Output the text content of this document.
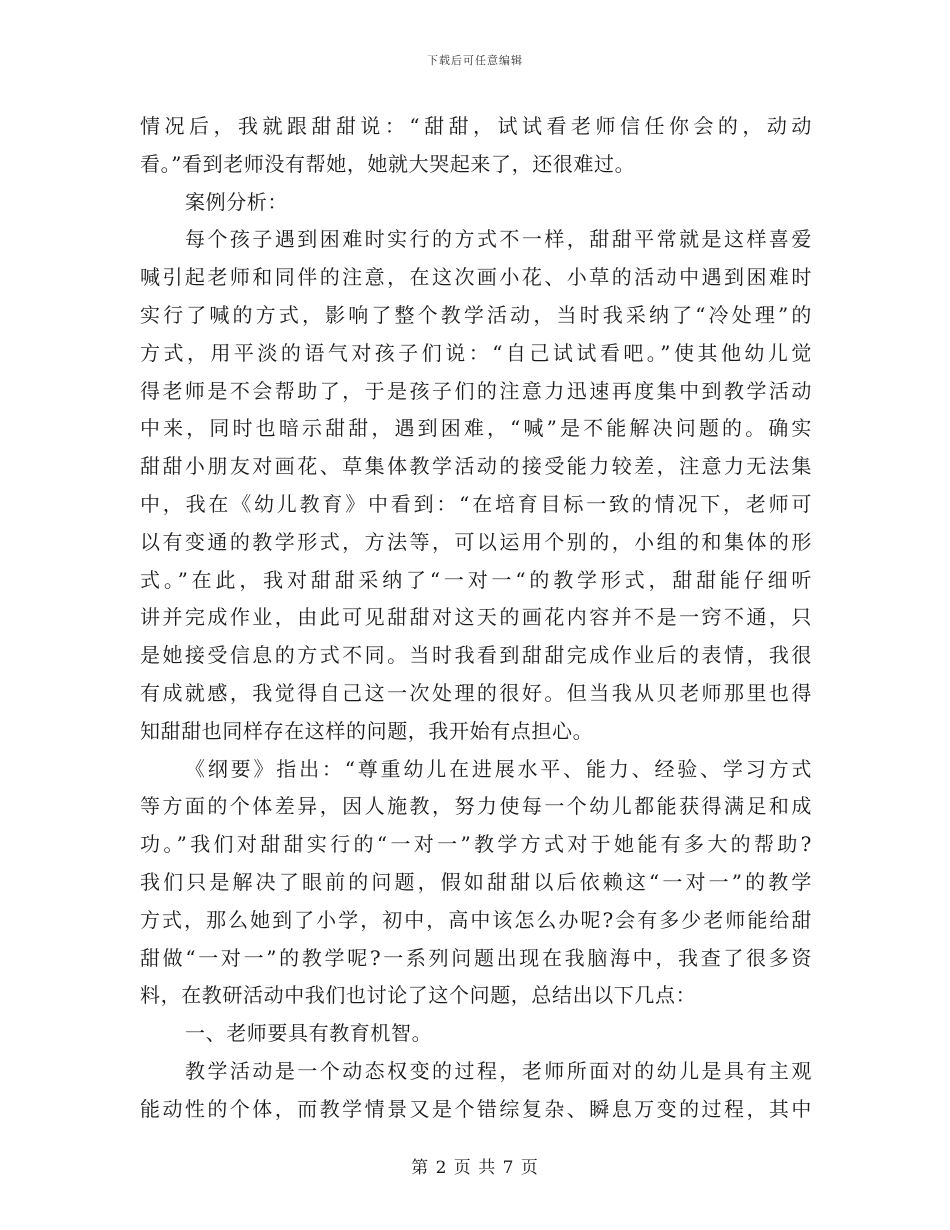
下载后可任意编辑
情况后，我就跟甜甜说：“甜甜，试试看老师信任你会的，动动
看。”看到老师没有帮她，她就大哭起来了，还很难过。
案例分析：
每个孩子遇到困难时实行的方式不一样，甜甜平常就是这样喜爱
喊引起老师和同伴的注意，在这次画小花、小草的活动中遇到困难时
实行了喊的方式，影响了整个教学活动，当时我采纳了“冷处理”的
方式，用平淡的语气对孩子们说：“自己试试看吧。”使其他幼儿觉
得老师是不会帮助了，于是孩子们的注意力迅速再度集中到教学活动
中来，同时也暗示甜甜，遇到困难，“喊”是不能解决问题的。确实
甜甜小朋友对画花、草集体教学活动的接受能力较差，注意力无法集
中，我在《幼儿教育》中看到：“在培育目标一致的情况下，老师可
以有变通的教学形式，方法等，可以运用个别的，小组的和集体的形
式。”在此，我对甜甜采纳了“一对一“的教学形式，甜甜能仔细听
讲并完成作业，由此可见甜甜对这天的画花内容并不是一窍不通，只
是她接受信息的方式不同。当时我看到甜甜完成作业后的表情，我很
有成就感，我觉得自己这一次处理的很好。但当我从贝老师那里也得
知甜甜也同样存在这样的问题，我开始有点担心。
《纲要》指出：“尊重幼儿在进展水平、能力、经验、学习方式
等方面的个体差异，因人施教，努力使每一个幼儿都能获得满足和成
功。”我们对甜甜实行的“一对一”教学方式对于她能有多大的帮助?
我们只是解决了眼前的问题，假如甜甜以后依赖这“一对一”的教学
方式，那么她到了小学，初中，高中该怎么办呢?会有多少老师能给甜
甜做“一对一”的教学呢?一系列问题出现在我脑海中，我查了很多资
料，在教研活动中我们也讨论了这个问题，总结出以下几点：
一、老师要具有教育机智。
教学活动是一个动态权变的过程，老师所面对的幼儿是具有主观
能动性的个体，而教学情景又是个错综复杂、瞬息万变的过程，其中
第 2 页 共 7 页
